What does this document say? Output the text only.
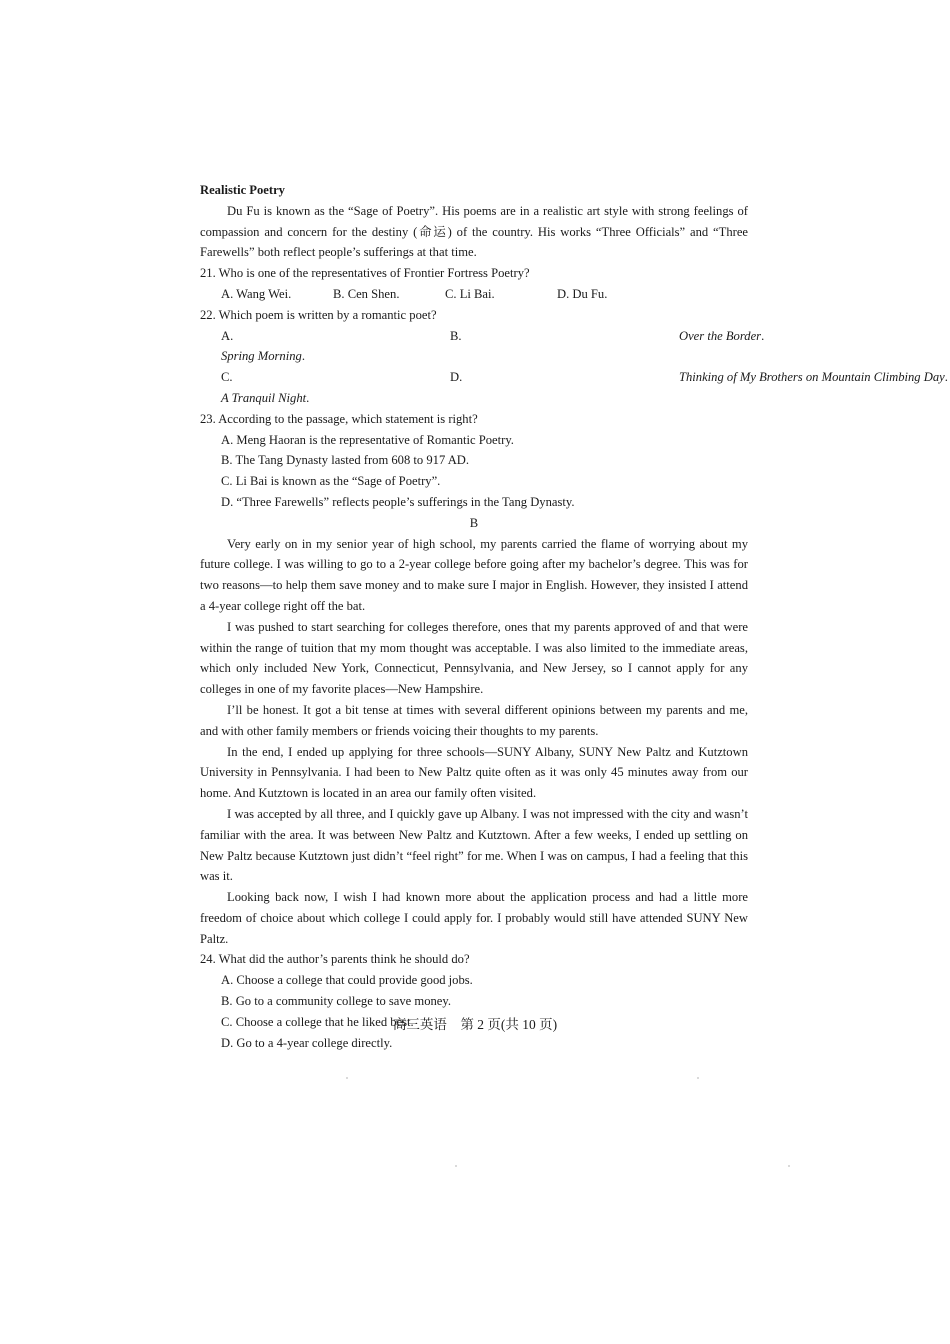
Realistic Poetry

Du Fu is known as the “Sage of Poetry”. His poems are in a realistic art style with strong feelings of compassion and concern for the destiny (命运) of the country. His works “Three Officials” and “Three Farewells” both reflect people’s sufferings at that time.

21. Who is one of the representatives of Frontier Fortress Poetry?

A. Wang Wei.	B. Cen Shen.	C. Li Bai.	D. Du Fu.

22. Which poem is written by a romantic poet?

A.Spring Morning.
B.	Over the Border.
C.A Tranquil Night.
D.	Thinking of My Brothers on Mountain Climbing Day.

23. According to the passage, which statement is right?

A. Meng Haoran is the representative of Romantic Poetry.

B. The Tang Dynasty lasted from 608 to 917 AD.

C. Li Bai is known as the “Sage of Poetry”.

D. “Three Farewells” reflects people’s sufferings in the Tang Dynasty.

B

Very early on in my senior year of high school, my parents carried the flame of worrying about my future college. I was willing to go to a 2-year college before going after my bachelor’s degree. This was for two reasons—to help them save money and to make sure I major in English. However, they insisted I attend a 4-year college right off the bat.

I was pushed to start searching for colleges therefore, ones that my parents approved of and that were within the range of tuition that my mom thought was acceptable. I was also limited to the immediate areas, which only included New York, Connecticut, Pennsylvania, and New Jersey, so I cannot apply for any colleges in one of my favorite places—New Hampshire.

I’ll be honest. It got a bit tense at times with several different opinions between my parents and me, and with other family members or friends voicing their thoughts to my parents.

In the end, I ended up applying for three schools—SUNY Albany, SUNY New Paltz and Kutztown University in Pennsylvania. I had been to New Paltz quite often as it was only 45 minutes away from our home. And Kutztown is located in an area our family often visited.

I was accepted by all three, and I quickly gave up Albany. I was not impressed with the city and wasn’t familiar with the area. It was between New Paltz and Kutztown. After a few weeks, I ended up settling on New Paltz because Kutztown just didn’t “feel right” for me. When I was on campus, I had a feeling that this was it.

Looking back now, I wish I had known more about the application process and had a little more freedom of choice about which college I could apply for. I probably would still have attended SUNY New Paltz.

24. What did the author’s parents think he should do?

A. Choose a college that could provide good jobs.

B. Go to a community college to save money.

C. Choose a college that he liked best.

D. Go to a 4-year college directly.

高三英语　第 2 页(共 10 页)
